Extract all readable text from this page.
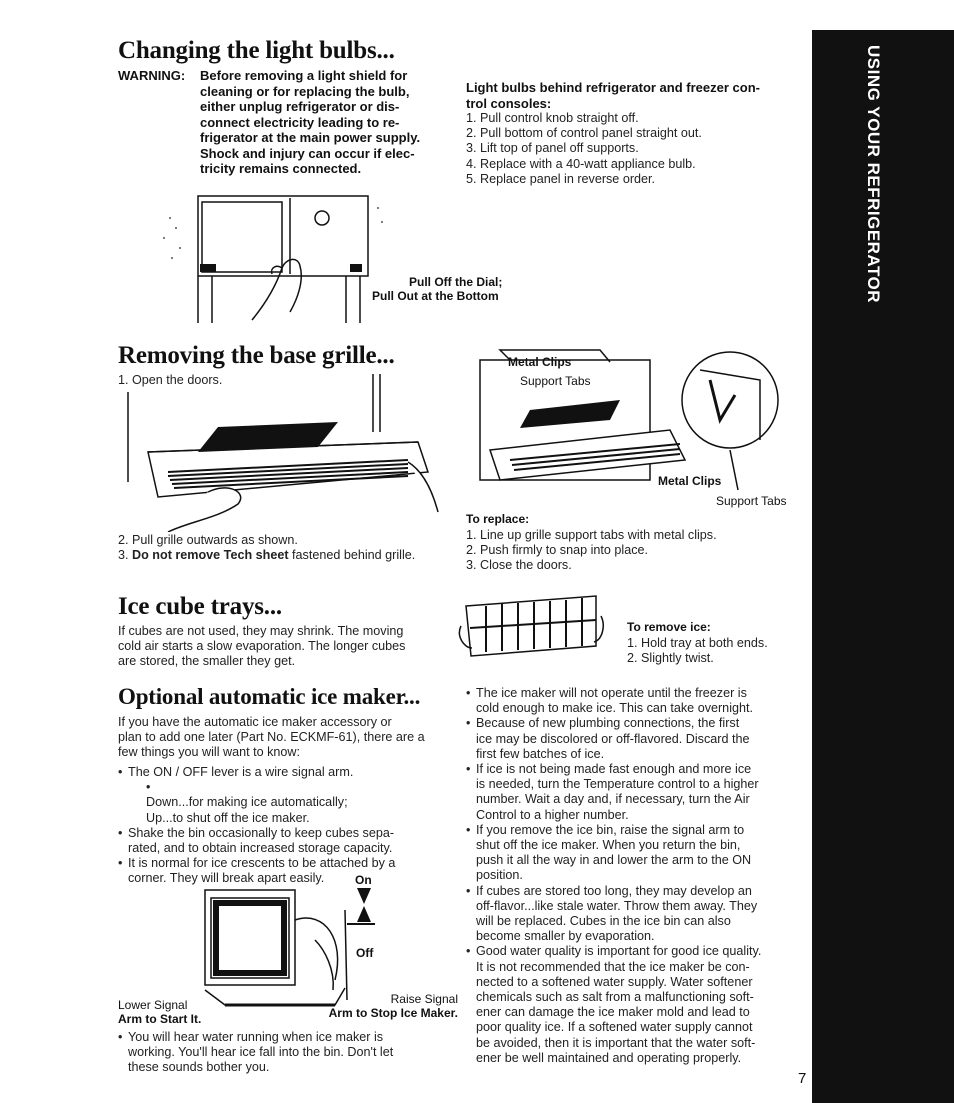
USING YOUR REFRIGERATOR
Changing the light bulbs...
WARNING: Before removing a light shield for
cleaning or for replacing the bulb,
either unplug refrigerator or dis-
connect electricity leading to re-
frigerator at the main power supply.
Shock and injury can occur if elec-
tricity remains connected.
Light bulbs behind refrigerator and freezer con-
trol consoles:
1. Pull control knob straight off.
2. Pull bottom of control panel straight out.
3. Lift top of panel off supports.
4. Replace with a 40-watt appliance bulb.
5. Replace panel in reverse order.
Pull Off the Dial;
Pull Out at the Bottom
Removing the base grille...
1. Open the doors.
2. Pull grille outwards as shown.
3. Do not remove Tech sheet fastened behind grille.
Metal Clips
Support Tabs
Metal Clips
Support Tabs
To replace:
1. Line up grille support tabs with metal clips.
2. Push firmly to snap into place.
3. Close the doors.
Ice cube trays...
If cubes are not used, they may shrink. The moving
cold air starts a slow evaporation. The longer cubes
are stored, the smaller they get.
To remove ice:
1. Hold tray at both ends.
2. Slightly twist.
Optional automatic ice maker...
If you have the automatic ice maker accessory or
plan to add one later (Part No. ECKMF-61), there are a
few things you will want to know:
• The ON / OFF lever is a wire signal arm.
• Down...for making ice automatically;
Up...to shut off the ice maker.
• Shake the bin occasionally to keep cubes sepa-
rated, and to obtain increased storage capacity.
• It is normal for ice crescents to be attached by a
corner. They will break apart easily.	On
Off
Lower Signal
Arm to Start It.
Raise Signal
Arm to Stop Ice Maker.
• You will hear water running when ice maker is
working. You'll hear ice fall into the bin. Don't let
these sounds bother you.
• The ice maker will not operate until the freezer is
cold enough to make ice. This can take overnight.
• Because of new plumbing connections, the first
ice may be discolored or off-flavored. Discard the
first few batches of ice.
• If ice is not being made fast enough and more ice
is needed, turn the Temperature control to a higher
number. Wait a day and, if necessary, turn the Air
Control to a higher number.
• If you remove the ice bin, raise the signal arm to
shut off the ice maker. When you return the bin,
push it all the way in and lower the arm to the ON
position.
• If cubes are stored too long, they may develop an
off-flavor...like stale water. Throw them away. They
will be replaced. Cubes in the ice bin can also
become smaller by evaporation.
• Good water quality is important for good ice quality.
It is not recommended that the ice maker be con-
nected to a softened water supply. Water softener
chemicals such as salt from a malfunctioning soft-
ener can damage the ice maker mold and lead to
poor quality ice. If a softened water supply cannot
be avoided, then it is important that the water soft-
ener be well maintained and operating properly.
7
